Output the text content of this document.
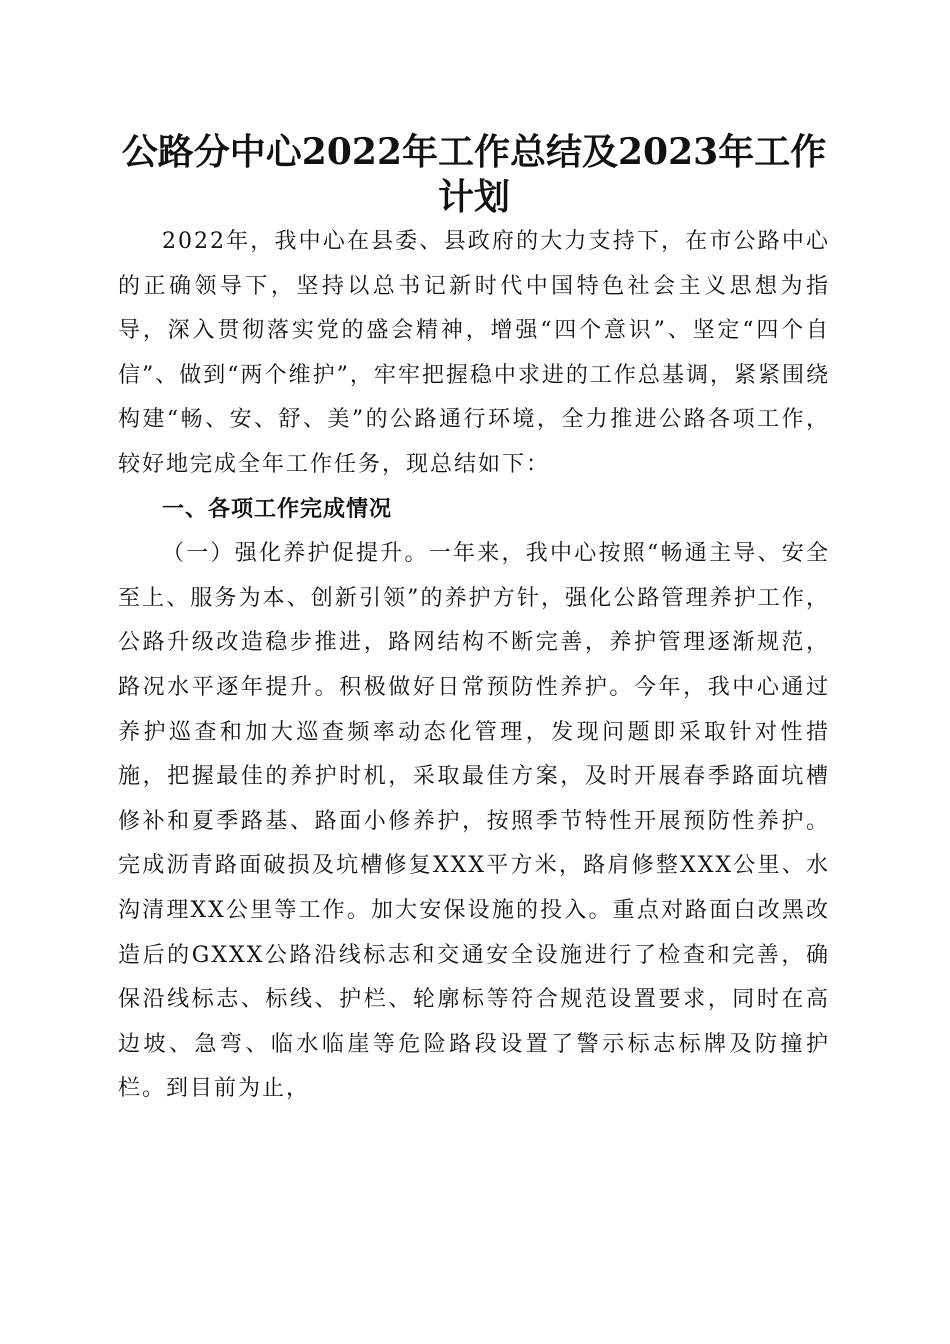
公路分中心2022年工作总结及2023年工作计划

2022年，我中心在县委、县政府的大力支持下，在市公路中心的正确领导下，坚持以总书记新时代中国特色社会主义思想为指导，深入贯彻落实党的盛会精神，增强“四个意识”、坚定“四个自信”、做到“两个维护”，牢牢把握稳中求进的工作总基调，紧紧围绕构建“畅、安、舒、美”的公路通行环境，全力推进公路各项工作，较好地完成全年工作任务，现总结如下：

一、各项工作完成情况

（一）强化养护促提升。一年来，我中心按照“畅通主导、安全至上、服务为本、创新引领”的养护方针，强化公路管理养护工作，公路升级改造稳步推进，路网结构不断完善，养护管理逐渐规范，路况水平逐年提升。积极做好日常预防性养护。今年，我中心通过养护巡查和加大巡查频率动态化管理，发现问题即采取针对性措施，把握最佳的养护时机，采取最佳方案，及时开展春季路面坑槽修补和夏季路基、路面小修养护，按照季节特性开展预防性养护。完成沥青路面破损及坑槽修复XXX平方米，路肩修整XXX公里、水沟清理XX公里等工作。加大安保设施的投入。重点对路面白改黑改造后的GXXX公路沿线标志和交通安全设施进行了检查和完善，确保沿线标志、标线、护栏、轮廓标等符合规范设置要求，同时在高边坡、急弯、临水临崖等危险路段设置了警示标志标牌及防撞护栏。到目前为止，
